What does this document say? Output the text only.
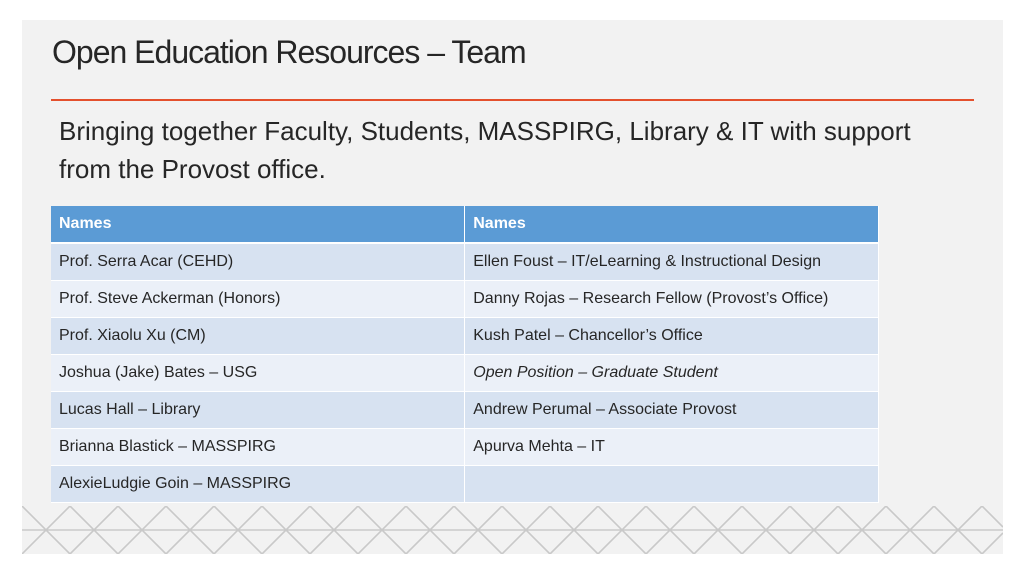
Open Education Resources – Team
Bringing together Faculty, Students, MASSPIRG, Library & IT with support from the Provost office.
Names	Names
Prof. Serra Acar (CEHD)	Ellen Foust – IT/eLearning & Instructional Design
Prof. Steve Ackerman (Honors)	Danny Rojas – Research Fellow (Provost’s Office)
Prof. Xiaolu Xu (CM)	Kush Patel – Chancellor’s Office
Joshua (Jake) Bates – USG	Open Position – Graduate Student
Lucas Hall – Library	Andrew Perumal – Associate Provost
Brianna Blastick – MASSPIRG	Apurva Mehta – IT
AlexieLudgie Goin – MASSPIRG	
